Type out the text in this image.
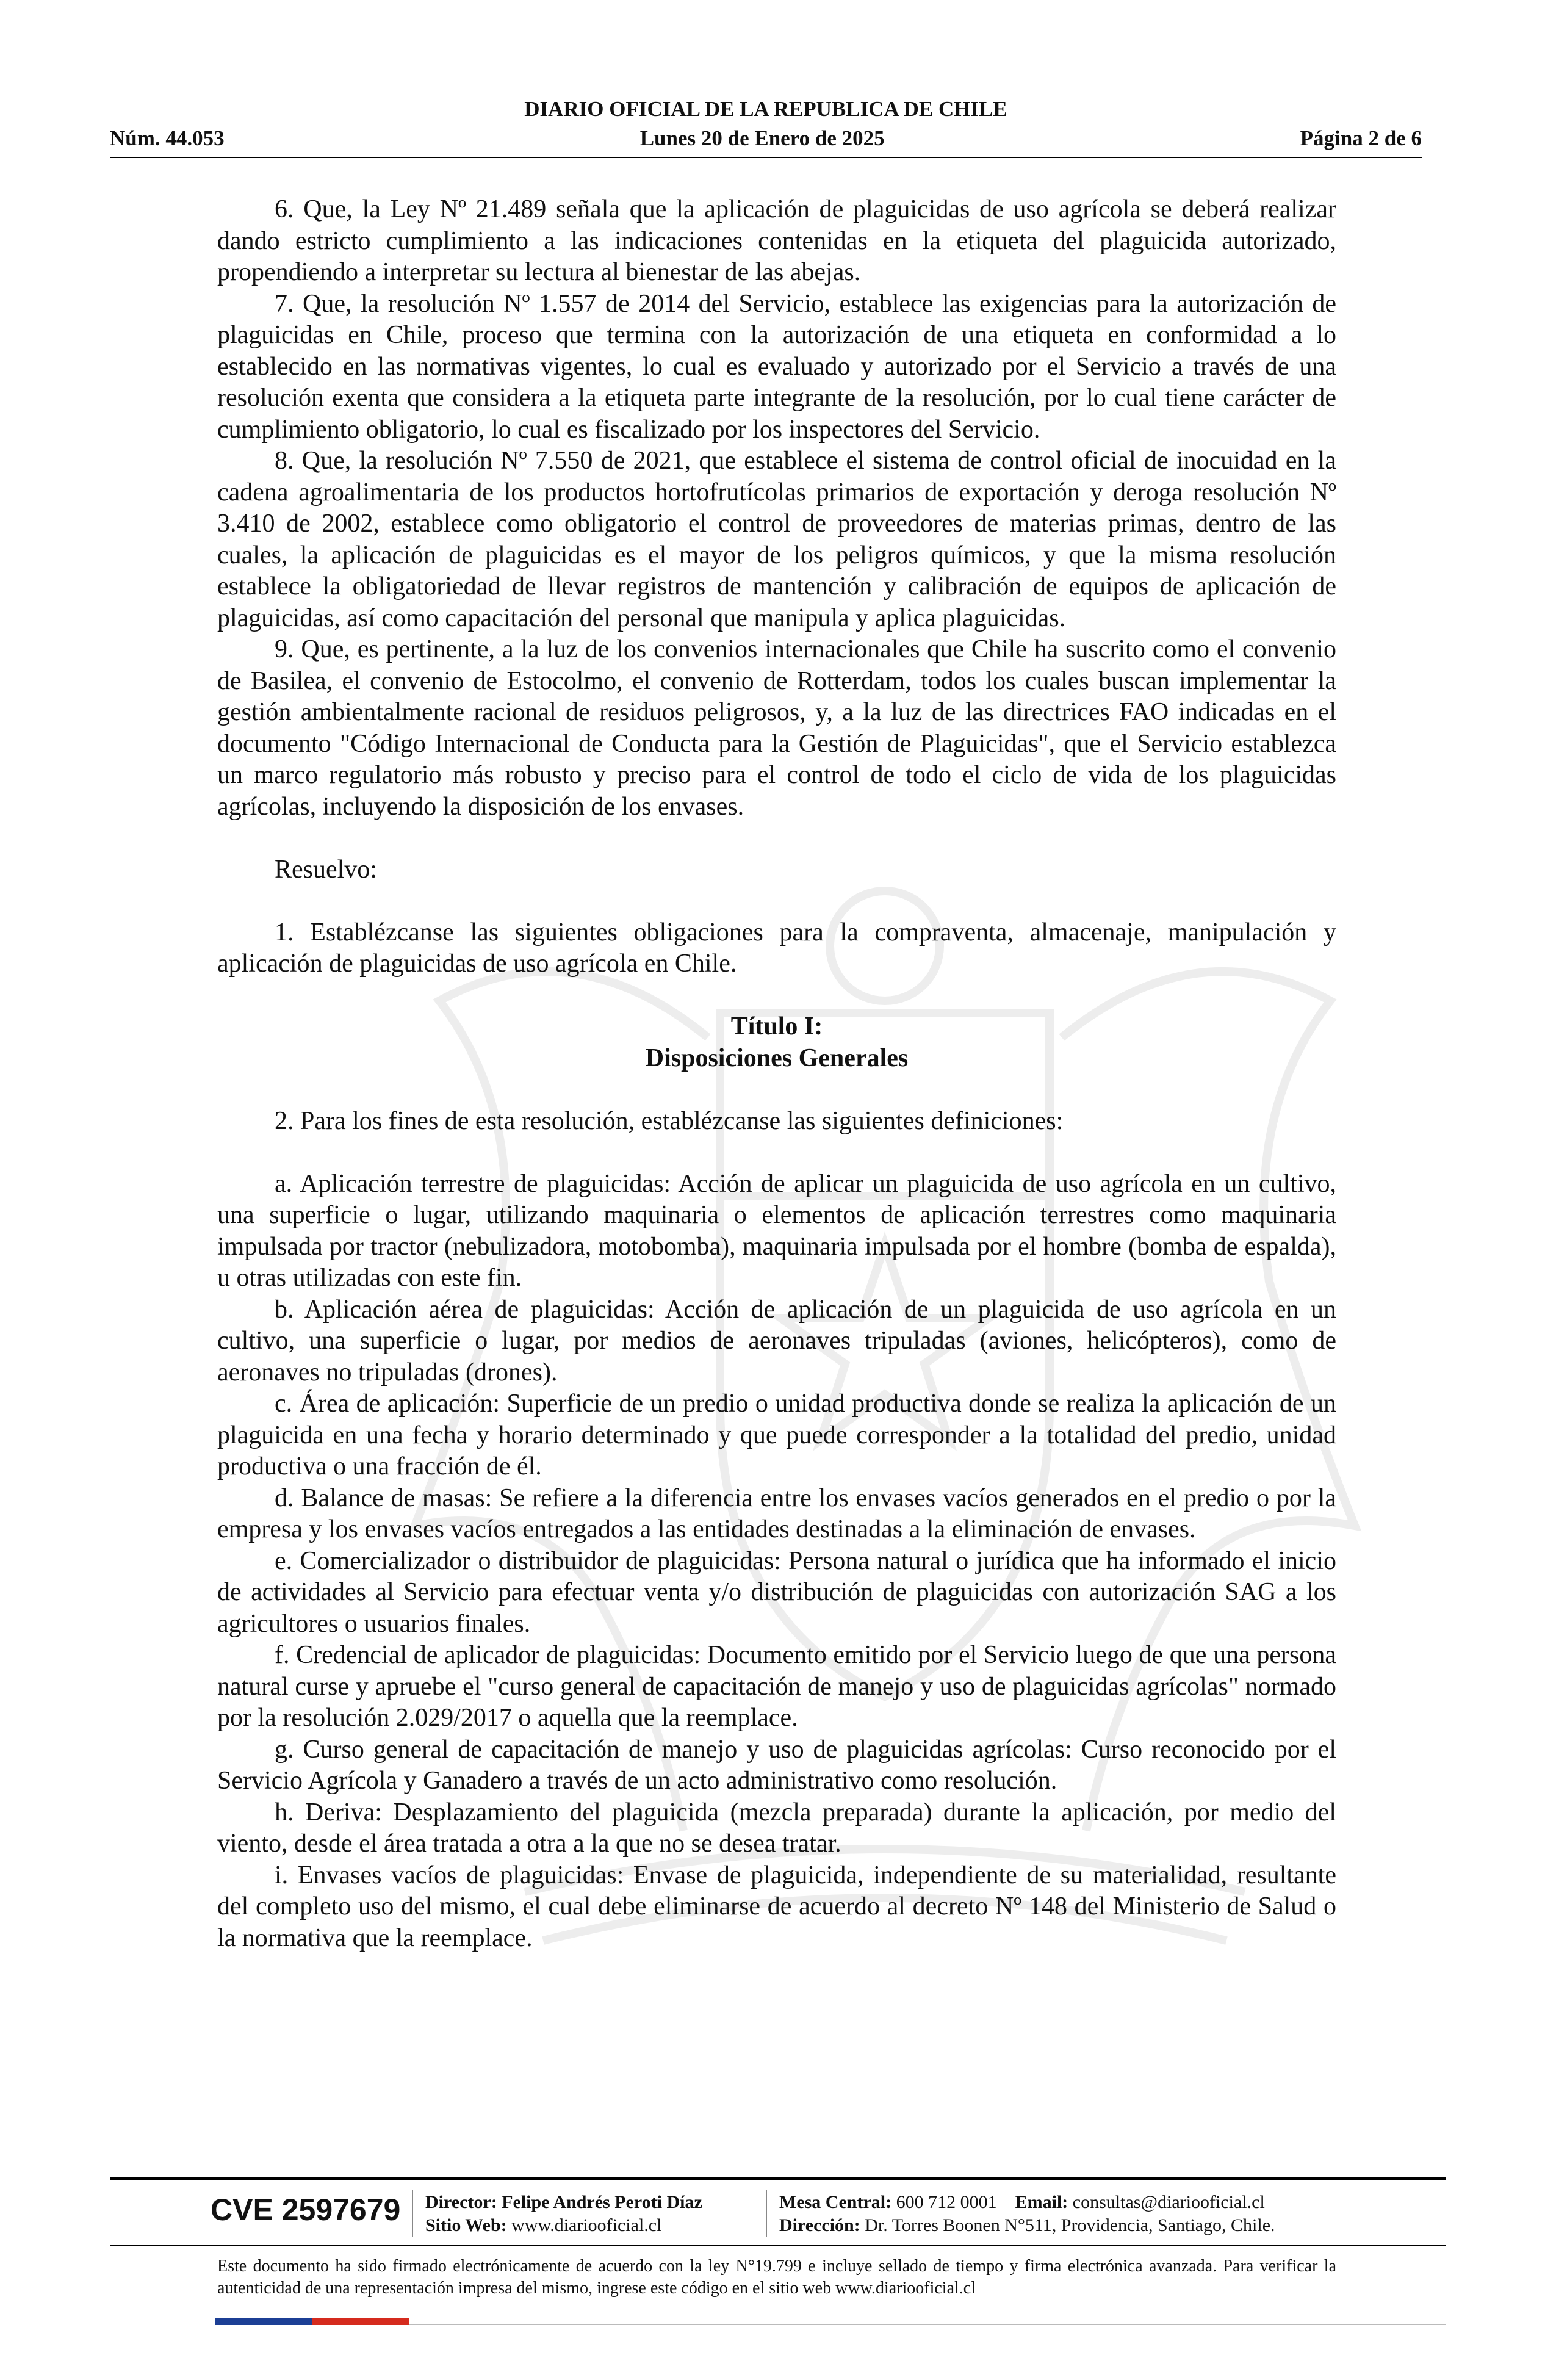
DIARIO OFICIAL DE LA REPUBLICA DE CHILE
Núm. 44.053	Lunes 20 de Enero de 2025	Página 2 de 6

6. Que, la Ley Nº 21.489 señala que la aplicación de plaguicidas de uso agrícola se deberá realizar dando estricto cumplimiento a las indicaciones contenidas en la etiqueta del plaguicida autorizado, propendiendo a interpretar su lectura al bienestar de las abejas.

7. Que, la resolución Nº 1.557 de 2014 del Servicio, establece las exigencias para la autorización de plaguicidas en Chile, proceso que termina con la autorización de una etiqueta en conformidad a lo establecido en las normativas vigentes, lo cual es evaluado y autorizado por el Servicio a través de una resolución exenta que considera a la etiqueta parte integrante de la resolución, por lo cual tiene carácter de cumplimiento obligatorio, lo cual es fiscalizado por los inspectores del Servicio.

8. Que, la resolución Nº 7.550 de 2021, que establece el sistema de control oficial de inocuidad en la cadena agroalimentaria de los productos hortofrutícolas primarios de exportación y deroga resolución Nº 3.410 de 2002, establece como obligatorio el control de proveedores de materias primas, dentro de las cuales, la aplicación de plaguicidas es el mayor de los peligros químicos, y que la misma resolución establece la obligatoriedad de llevar registros de mantención y calibración de equipos de aplicación de plaguicidas, así como capacitación del personal que manipula y aplica plaguicidas.

9. Que, es pertinente, a la luz de los convenios internacionales que Chile ha suscrito como el convenio de Basilea, el convenio de Estocolmo, el convenio de Rotterdam, todos los cuales buscan implementar la gestión ambientalmente racional de residuos peligrosos, y, a la luz de las directrices FAO indicadas en el documento "Código Internacional de Conducta para la Gestión de Plaguicidas", que el Servicio establezca un marco regulatorio más robusto y preciso para el control de todo el ciclo de vida de los plaguicidas agrícolas, incluyendo la disposición de los envases.

Resuelvo:

1. Establézcanse las siguientes obligaciones para la compraventa, almacenaje, manipulación y aplicación de plaguicidas de uso agrícola en Chile.

Título I:
Disposiciones Generales

2. Para los fines de esta resolución, establézcanse las siguientes definiciones:

a. Aplicación terrestre de plaguicidas: Acción de aplicar un plaguicida de uso agrícola en un cultivo, una superficie o lugar, utilizando maquinaria o elementos de aplicación terrestres como maquinaria impulsada por tractor (nebulizadora, motobomba), maquinaria impulsada por el hombre (bomba de espalda), u otras utilizadas con este fin.

b. Aplicación aérea de plaguicidas: Acción de aplicación de un plaguicida de uso agrícola en un cultivo, una superficie o lugar, por medios de aeronaves tripuladas (aviones, helicópteros), como de aeronaves no tripuladas (drones).

c. Área de aplicación: Superficie de un predio o unidad productiva donde se realiza la aplicación de un plaguicida en una fecha y horario determinado y que puede corresponder a la totalidad del predio, unidad productiva o una fracción de él.

d. Balance de masas: Se refiere a la diferencia entre los envases vacíos generados en el predio o por la empresa y los envases vacíos entregados a las entidades destinadas a la eliminación de envases.

e. Comercializador o distribuidor de plaguicidas: Persona natural o jurídica que ha informado el inicio de actividades al Servicio para efectuar venta y/o distribución de plaguicidas con autorización SAG a los agricultores o usuarios finales.

f. Credencial de aplicador de plaguicidas: Documento emitido por el Servicio luego de que una persona natural curse y apruebe el "curso general de capacitación de manejo y uso de plaguicidas agrícolas" normado por la resolución 2.029/2017 o aquella que la reemplace.

g. Curso general de capacitación de manejo y uso de plaguicidas agrícolas: Curso reconocido por el Servicio Agrícola y Ganadero a través de un acto administrativo como resolución.

h. Deriva: Desplazamiento del plaguicida (mezcla preparada) durante la aplicación, por medio del viento, desde el área tratada a otra a la que no se desea tratar.

i. Envases vacíos de plaguicidas: Envase de plaguicida, independiente de su materialidad, resultante del completo uso del mismo, el cual debe eliminarse de acuerdo al decreto Nº 148 del Ministerio de Salud o la normativa que la reemplace.

CVE 2597679 Director: Felipe Andrés Peroti Díaz
Sitio Web: www.diariooficial.cl
Mesa Central: 600 712 0001 Email: consultas@diariooficial.cl
Dirección: Dr. Torres Boonen N°511, Providencia, Santiago, Chile.
Este documento ha sido firmado electrónicamente de acuerdo con la ley N°19.799 e incluye sellado de tiempo y firma electrónica avanzada. Para verificar la autenticidad de una representación impresa del mismo, ingrese este código en el sitio web www.diariooficial.cl
